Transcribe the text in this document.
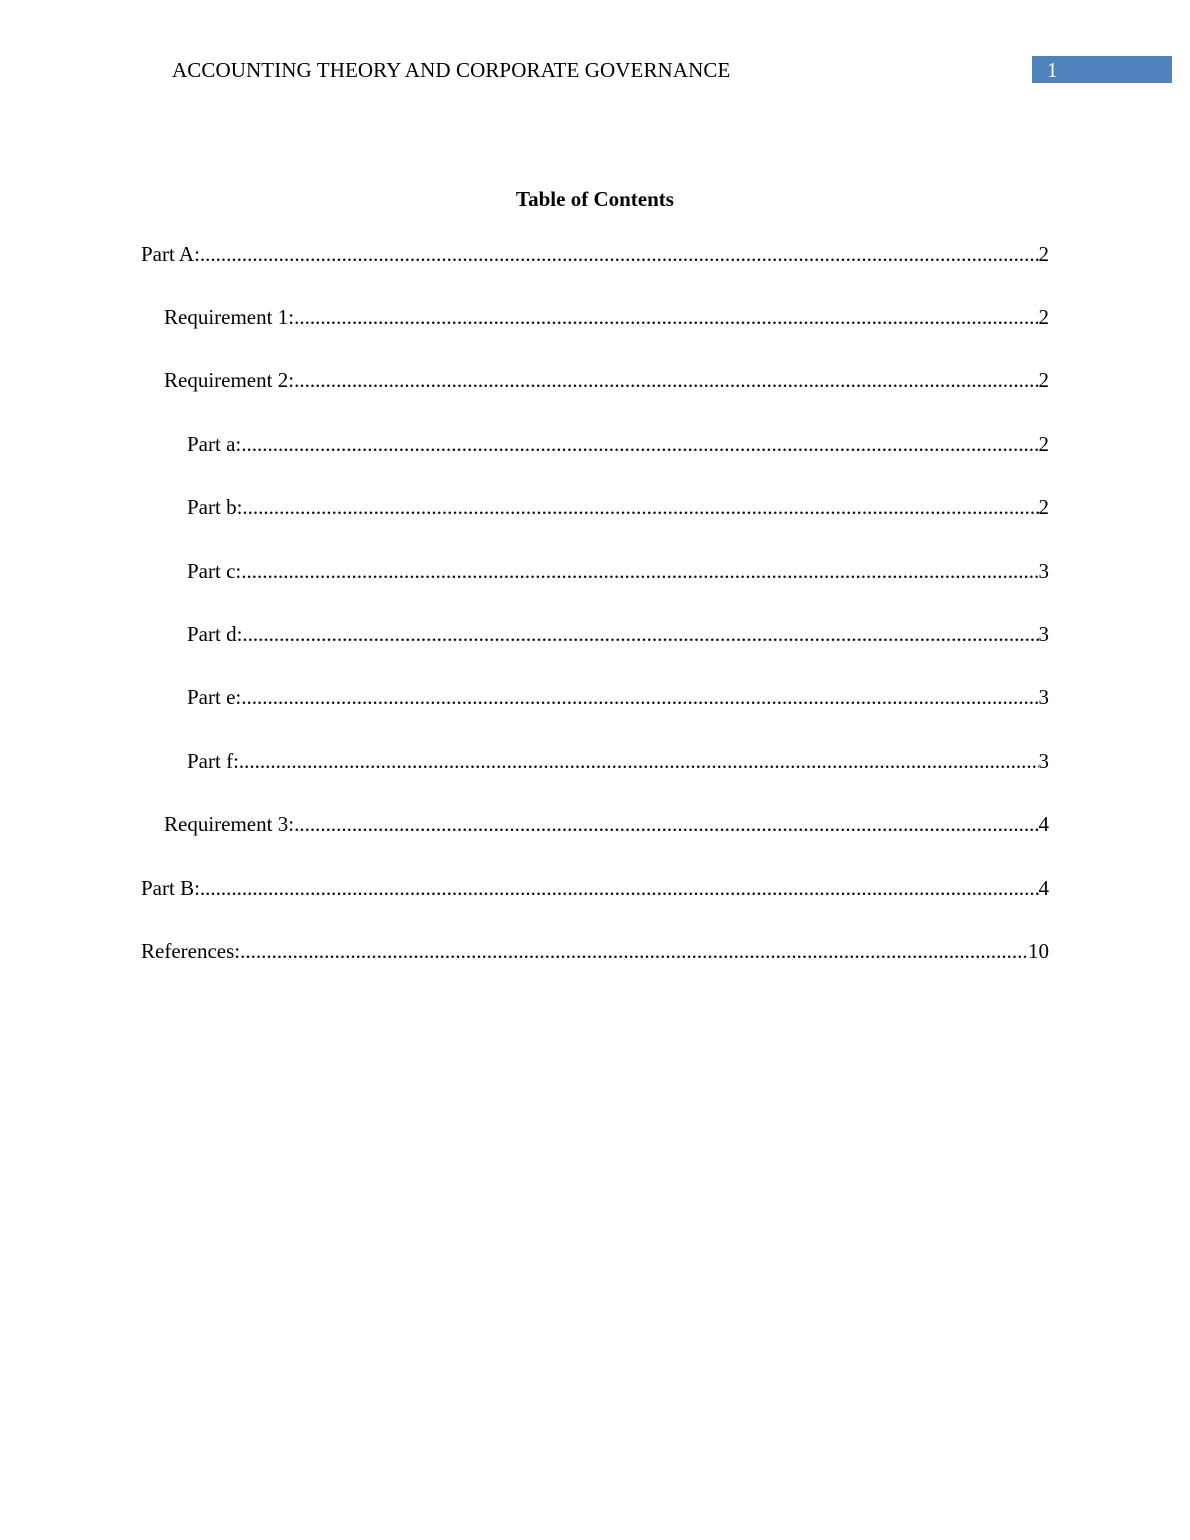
ACCOUNTING THEORY AND CORPORATE GOVERNANCE	1
Table of Contents
Part A: .....	2
Requirement 1: .....	2
Requirement 2: .....	2
Part a: .....	2
Part b: .....	2
Part c: .....	3
Part d: .....	3
Part e: .....	3
Part f: .....	3
Requirement 3: .....	4
Part B: .....	4
References: .....	10
